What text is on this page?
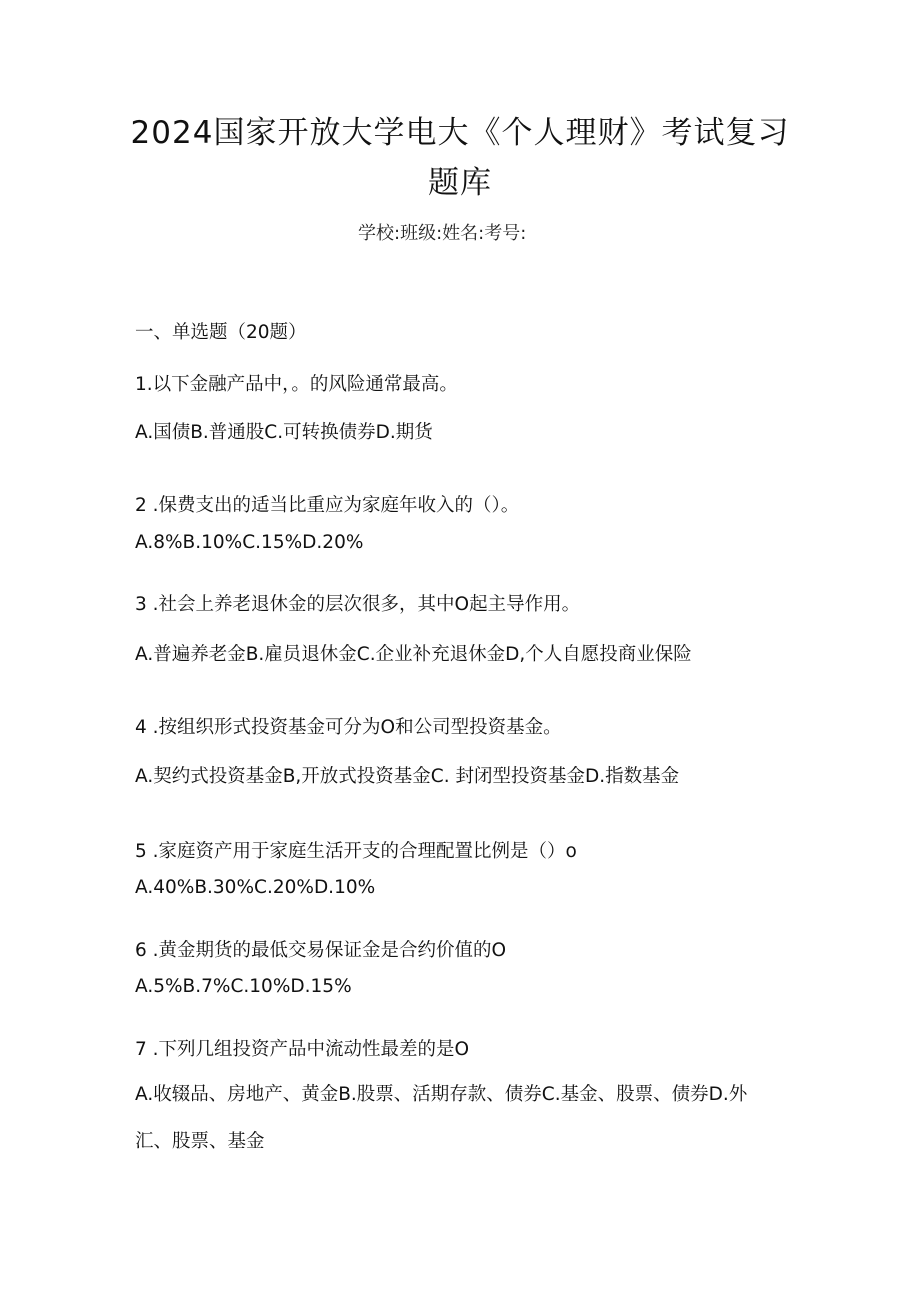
2024国家开放大学电大《个人理财》考试复习题库
学校:班级:姓名:考号:
一、单选题（20题）
1.以下金融产品中，。的风险通常最高。
A.国债B.普通股C.可转换债券D.期货
2 .保费支出的适当比重应为家庭年收入的（）。
A.8%B.10%C.15%D.20%
3 .社会上养老退休金的层次很多，其中O起主导作用。
A.普遍养老金B.雇员退休金C.企业补充退休金D,个人自愿投商业保险
4 .按组织形式投资基金可分为O和公司型投资基金。
A.契约式投资基金B,开放式投资基金C. 封闭型投资基金D.指数基金
5 .家庭资产用于家庭生活开支的合理配置比例是（）o
A.40%B.30%C.20%D.10%
6 .黄金期货的最低交易保证金是合约价值的O
A.5%B.7%C.10%D.15%
7 .下列几组投资产品中流动性最差的是O
A.收辍品、房地产、黄金B.股票、活期存款、债券C.基金、股票、债券D.外汇、股票、基金
